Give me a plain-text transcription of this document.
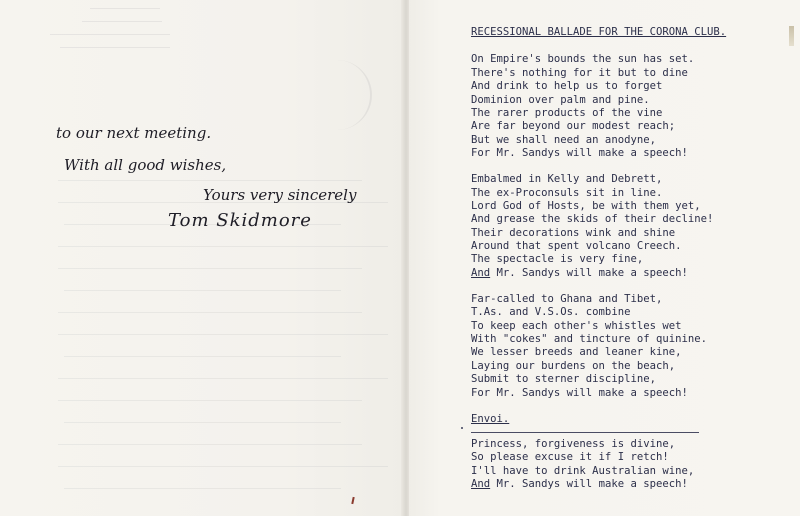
to our next meeting.
With all good wishes,
Yours very sincerely
Tom Skidmore
RECESSIONAL BALLADE FOR THE CORONA CLUB.
On Empire's bounds the sun has set.
There's nothing for it but to dine
And drink to help us to forget
Dominion over palm and pine.
The rarer products of the vine
Are far beyond our modest reach;
But we shall need an anodyne,
For Mr. Sandys will make a speech!
Embalmed in Kelly and Debrett,
The ex-Proconsuls sit in line.
Lord God of Hosts, be with them yet,
And grease the skids of their decline!
Their decorations wink and shine
Around that spent volcano Creech.
The spectacle is very fine,
And Mr. Sandys will make a speech!
Far-called to Ghana and Tibet,
T.As. and V.S.Os. combine
To keep each other's whistles wet
With "cokes" and tincture of quinine.
We lesser breeds and leaner kine,
Laying our burdens on the beach,
Submit to sterner discipline,
For Mr. Sandys will make a speech!
Envoi.
Princess, forgiveness is divine,
So please excuse it if I retch!
I'll have to drink Australian wine,
And Mr. Sandys will make a speech!
